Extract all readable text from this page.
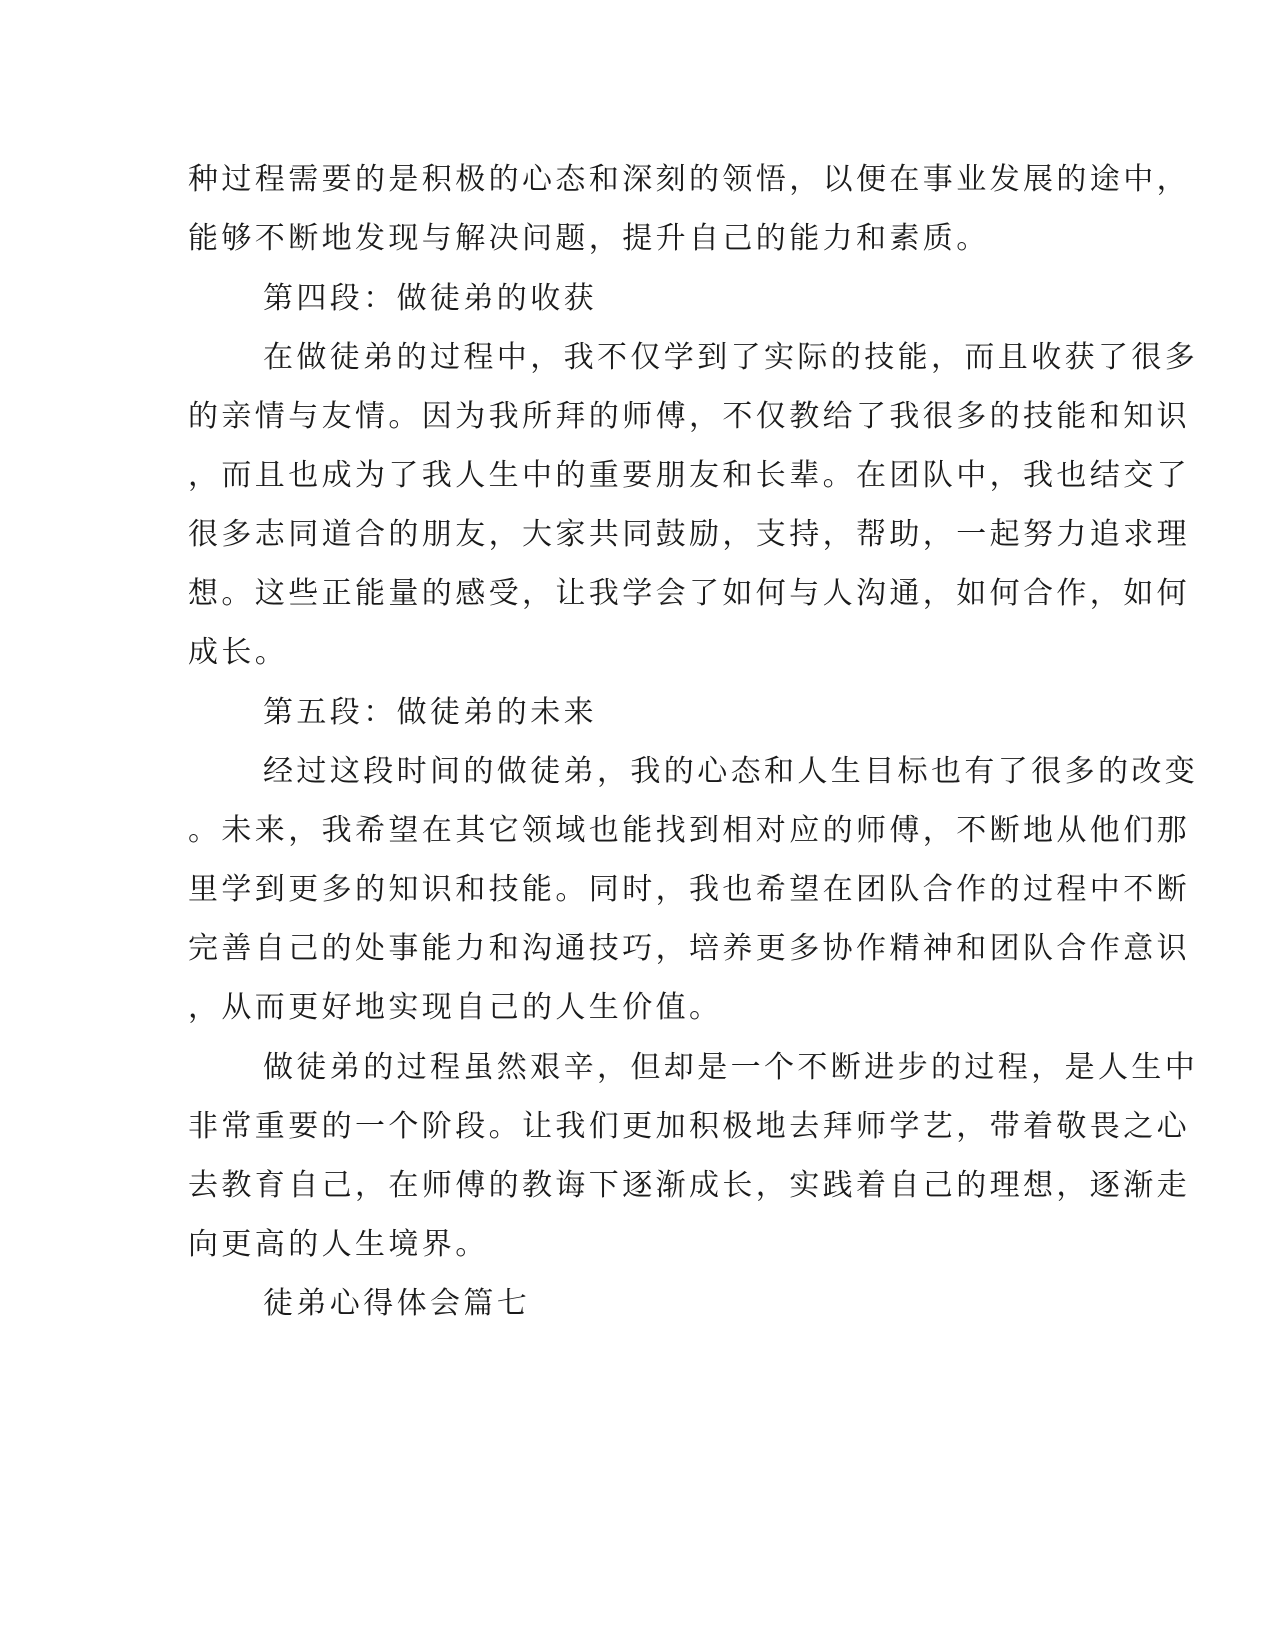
种过程需要的是积极的心态和深刻的领悟，以便在事业发展的途中，
能够不断地发现与解决问题，提升自己的能力和素质。
第四段：做徒弟的收获
在做徒弟的过程中，我不仅学到了实际的技能，而且收获了很多
的亲情与友情。因为我所拜的师傅，不仅教给了我很多的技能和知识
，而且也成为了我人生中的重要朋友和长辈。在团队中，我也结交了
很多志同道合的朋友，大家共同鼓励，支持，帮助，一起努力追求理
想。这些正能量的感受，让我学会了如何与人沟通，如何合作，如何
成长。
第五段：做徒弟的未来
经过这段时间的做徒弟，我的心态和人生目标也有了很多的改变
。未来，我希望在其它领域也能找到相对应的师傅，不断地从他们那
里学到更多的知识和技能。同时，我也希望在团队合作的过程中不断
完善自己的处事能力和沟通技巧，培养更多协作精神和团队合作意识
，从而更好地实现自己的人生价值。
做徒弟的过程虽然艰辛，但却是一个不断进步的过程，是人生中
非常重要的一个阶段。让我们更加积极地去拜师学艺，带着敬畏之心
去教育自己，在师傅的教诲下逐渐成长，实践着自己的理想，逐渐走
向更高的人生境界。
徒弟心得体会篇七
